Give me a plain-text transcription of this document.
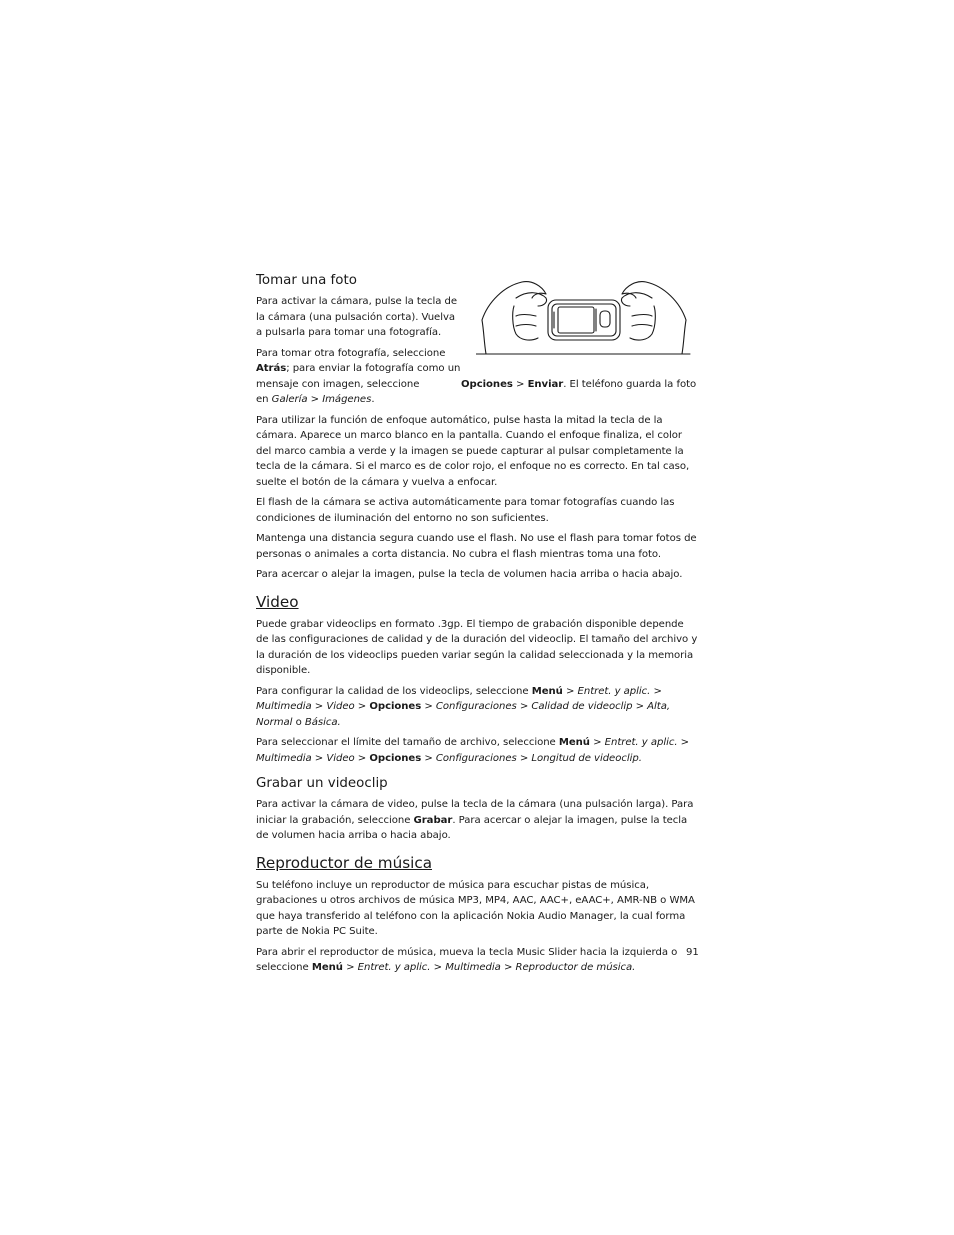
Tomar una foto

Para activar la cámara, pulse la tecla de la cámara (una pulsación corta). Vuelva a pulsarla para tomar una fotografía.

Para tomar otra fotografía, seleccione Atrás; para enviar la fotografía como un mensaje con imagen, seleccione	Opciones > Enviar. El teléfono guarda la foto en Galería > Imágenes.

Para utilizar la función de enfoque automático, pulse hasta la mitad la tecla de la cámara. Aparece un marco blanco en la pantalla. Cuando el enfoque finaliza, el color del marco cambia a verde y la imagen se puede capturar al pulsar completamente la tecla de la cámara. Si el marco es de color rojo, el enfoque no es correcto. En tal caso, suelte el botón de la cámara y vuelva a enfocar.

El flash de la cámara se activa automáticamente para tomar fotografías cuando las condiciones de iluminación del entorno no son suficientes.

Mantenga una distancia segura cuando use el flash. No use el flash para tomar fotos de personas o animales a corta distancia. No cubra el flash mientras toma una foto.

Para acercar o alejar la imagen, pulse la tecla de volumen hacia arriba o hacia abajo.

Video

Puede grabar videoclips en formato .3gp. El tiempo de grabación disponible depende de las configuraciones de calidad y de la duración del videoclip. El tamaño del archivo y la duración de los videoclips pueden variar según la calidad seleccionada y la memoria disponible.

Para configurar la calidad de los videoclips, seleccione Menú > Entret. y aplic. > Multimedia > Video > Opciones > Configuraciones > Calidad de videoclip > Alta, Normal o Básica.

Para seleccionar el límite del tamaño de archivo, seleccione Menú > Entret. y aplic. > Multimedia > Video > Opciones > Configuraciones > Longitud de videoclip.

Grabar un videoclip

Para activar la cámara de video, pulse la tecla de la cámara (una pulsación larga). Para iniciar la grabación, seleccione Grabar. Para acercar o alejar la imagen, pulse la tecla de volumen hacia arriba o hacia abajo.

Reproductor de música

Su teléfono incluye un reproductor de música para escuchar pistas de música, grabaciones u otros archivos de música MP3, MP4, AAC, AAC+, eAAC+, AMR-NB o WMA que haya transferido al teléfono con la aplicación Nokia Audio Manager, la cual forma parte de Nokia PC Suite.

Para abrir el reproductor de música, mueva la tecla Music Slider hacia la izquierda o seleccione Menú > Entret. y aplic. > Multimedia > Reproductor de música.

91
